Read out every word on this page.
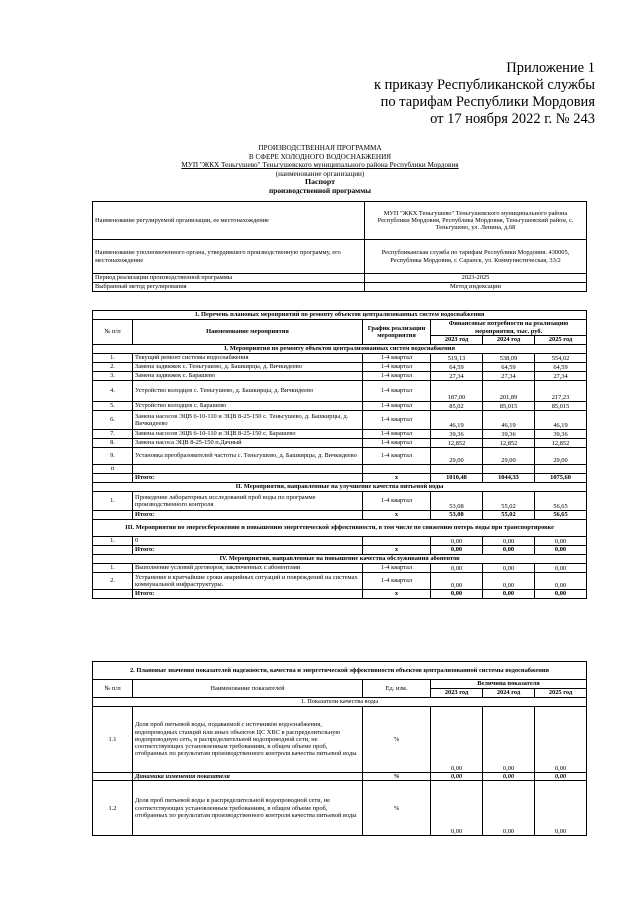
Приложение 1
к приказу Республиканской службы
по тарифам Республики Мордовия
от 17 ноября 2022 г. № 243
ПРОИЗВОДСТВЕННАЯ ПРОГРАММА
В СФЕРЕ ХОЛОДНОГО ВОДОСНАБЖЕНИЯ
МУП "ЖКХ Теньгушево" Теньгушевского муниципального района Республики Мордовия
(наименование организации)
Паспорт
производственной программы
Наименование регулируемой организации, ее местонахождение	МУП "ЖКХ Теньгушево" Теньгушевского муниципального района Республики Мордовия, Республика Мордовия, Теньгушевский район, с. Теньгушево, ул. Ленина, д.68
Наименование уполномоченного органа, утвердившего производственную программу, его местонахождение	Республиканская служба по тарифам Республики Мордовия. 430005, Республика Мордовия, г. Саранск, ул. Коммунистическая, 33/2
Период реализации производственной программы	2023-2025
Выбранный метод регулирования	Метод индексации
1. Перечень плановых мероприятий по ремонту объектов централизованных систем водоснабжения					
№ п/п	Наименование мероприятия	График реализации мероприятия	Финансовые потребности на реализацию мероприятия, тыс. руб.		
			2023 год	2024 год	2025 год
I. Мероприятия по ремонту объектов централизованных систем водоснабжения					
1.	Текущий ремонт системы водоснабжения	1-4 квартал	519,13	538,09	554,02
2.	Замена задвижек с. Теньгушево, д. Башкирцы, д. Вичкидеево	1-4 квартал	64,59	64,59	64,59
3.	Замена задвижек с. Барашево	1-4 квартал	27,34	27,34	27,34
4.	Устройство колодцев с. Теньгушево, д. Башкирцы, д. Вичкидеево	1-4 квартал	187,00	201,89	217,23
5.	Устройство колодцев с. Барашево	1-4 квартал	85,02	85,015	85,015
6.	Замена насосов ЭЦВ 6-10-110 и ЭЦВ 8-25-150 с. Теньгушево, д. Башкирцы, д. Вичкидеево	1-4 квартал	46,19	46,19	46,19
7.	Замена насосов ЭЦВ 6-10-110 и ЭЦВ 8-25-150 с. Барашево	1-4 квартал	39,36	39,36	39,36
8.	Замена насоса ЭЦВ 8-25-150 п.Дачный	1-4 квартал	12,852	12,852	12,852
9.	Установка преобразователей частоты с. Теньгушево, д. Башкирцы, д. Вичкидеево	1-4 квартал	29,00	29,00	29,00
п					
	Итого:	х	1010,48	1044,33	1075,60
II. Мероприятия, направленные на улучшение качества питьевой воды					
1.	Проведение лабораторных исследований проб воды по программе производственного контроля	1-4 квартал	53,08	55,02	56,65
	Итого:	х	53,08	55,02	56,65
III. Мероприятия по энергосбережению и повышению энергетической эффективности, в том числе по снижению потерь воды при транспортировке					
1.	0		0,00	0,00	0,00
	Итого:	х	0,00	0,00	0,00
IV. Мероприятия, направленные на повышение качества обслуживания абонентов					
1.	Выполнение условий договоров, заключенных с абонентами	1-4 квартал	0,00	0,00	0,00
2.	Устранение в кратчайшие сроки аварийных ситуаций и повреждений на системах коммунальной инфраструктуры.	1-4 квартал	0,00	0,00	0,00
	Итого:	х	0,00	0,00	0,00
2. Плановые значения показателей надежности, качества и энергетической эффективности объектов централизованной системы водоснабжения					
№ п/п	Наименование показателей	Ед. изм.	Величина показателя		
			2023 год	2024 год	2025 год
1. Показатели качества воды					
1.1	Доля проб питьевой воды, подаваемой с источников водоснабжения, водопроводных станций или иных объектов ЦС ХВС в распределительную водопроводную сеть, в распределительной водопроводной сети, не соответствующих установленным требованиям, в общем объеме проб, отобранных по результатам производственного контроля качества питьевой воды	%	0,00	0,00	0,00
	Динамика изменения показателя	%	0,00	0,00	0,00
1.2	Доля проб питьевой воды в распределительной водопроводной сети, не соответствующих установленным требованиям, в общем объеме проб, отобранных по результатам производственного контроля качества питьевой воды	%	0,00	0,00	0,00
